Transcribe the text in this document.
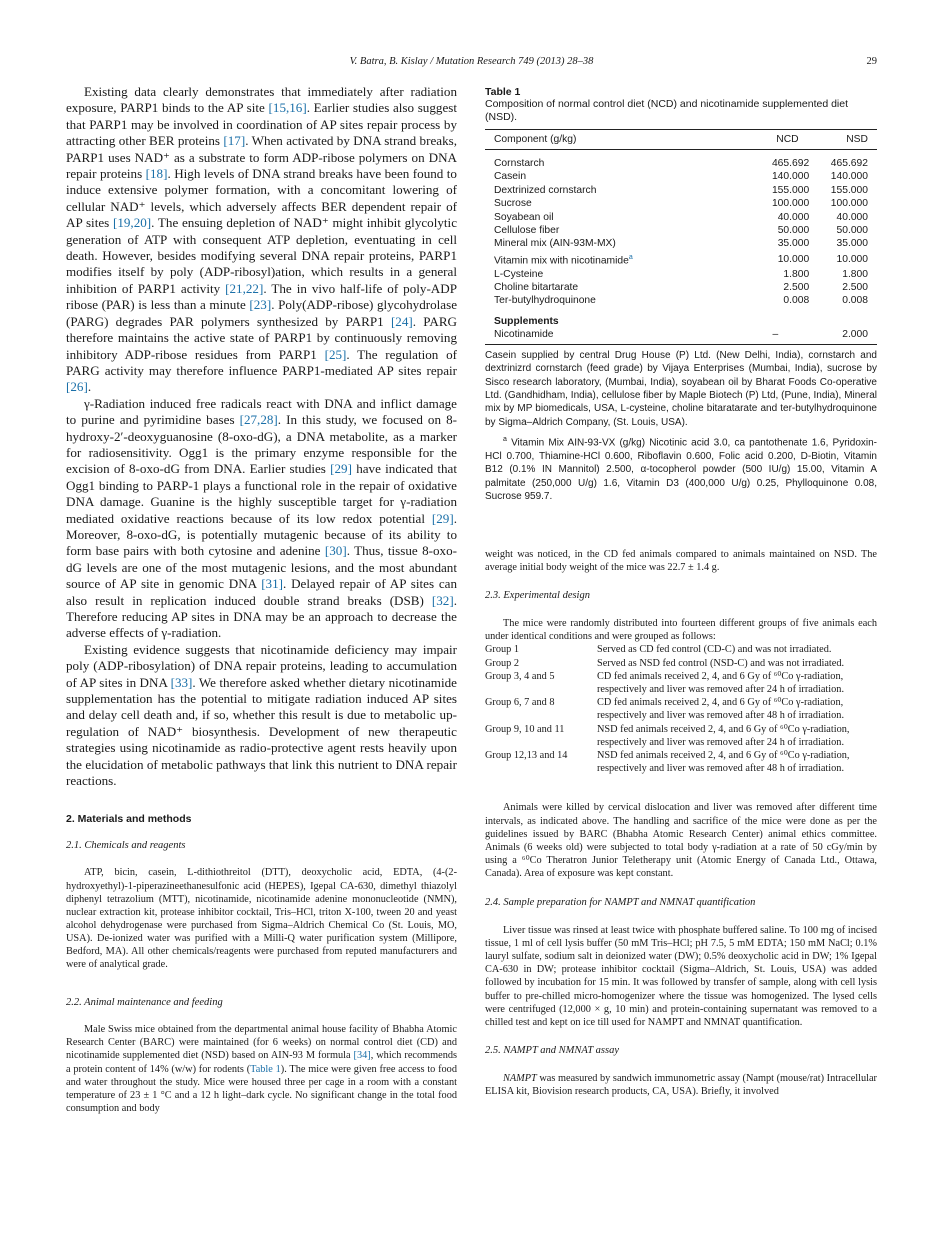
V. Batra, B. Kislay / Mutation Research 749 (2013) 28–38	29

Existing data clearly demonstrates that immediately after radiation exposure, PARP1 binds to the AP site [15,16]. Earlier studies also suggest that PARP1 may be involved in coordination of AP sites repair process by attracting other BER proteins [17]. When activated by DNA strand breaks, PARP1 uses NAD⁺ as a substrate to form ADP-ribose polymers on DNA repair proteins [18]. High levels of DNA strand breaks have been found to induce extensive polymer formation, with a concomitant lowering of cellular NAD⁺ levels, which adversely affects BER dependent repair of AP sites [19,20]. The ensuing depletion of NAD⁺ might inhibit glycolytic generation of ATP with consequent ATP depletion, eventuating in cell death. However, besides modifying several DNA repair proteins, PARP1 modifies itself by poly (ADP-ribosyl)ation, which results in a general inhibition of PARP1 activity [21,22]. The in vivo half-life of poly-ADP ribose (PAR) is less than a minute [23]. Poly(ADP-ribose) glycohydrolase (PARG) degrades PAR polymers synthesized by PARP1 [24]. PARG therefore maintains the active state of PARP1 by continuously removing inhibitory ADP-ribose residues from PARP1 [25]. The regulation of PARG activity may therefore influence PARP1-mediated AP sites repair [26].

γ-Radiation induced free radicals react with DNA and inflict damage to purine and pyrimidine bases [27,28]. In this study, we focused on 8-hydroxy-2′-deoxyguanosine (8-oxo-dG), a DNA metabolite, as a marker for radiosensitivity. Ogg1 is the primary enzyme responsible for the excision of 8-oxo-dG from DNA. Earlier studies [29] have indicated that Ogg1 binding to PARP-1 plays a functional role in the repair of oxidative DNA damage. Guanine is the highly susceptible target for γ-radiation mediated oxidative reactions because of its low redox potential [29]. Moreover, 8-oxo-dG, is potentially mutagenic because of its ability to form base pairs with both cytosine and adenine [30]. Thus, tissue 8-oxo-dG levels are one of the most mutagenic lesions, and the most abundant source of AP site in genomic DNA [31]. Delayed repair of AP sites can also result in replication induced double strand breaks (DSB) [32]. Therefore reducing AP sites in DNA may be an approach to decrease the adverse effects of γ-radiation.

Existing evidence suggests that nicotinamide deficiency may impair poly (ADP-ribosylation) of DNA repair proteins, leading to accumulation of AP sites in DNA [33]. We therefore asked whether dietary nicotinamide supplementation has the potential to mitigate radiation induced AP sites and delay cell death and, if so, whether this result is due to metabolic up-regulation of NAD⁺ biosynthesis. Development of new therapeutic strategies using nicotinamide as radio-protective agent rests heavily upon the elucidation of metabolic pathways that link this nutrient to DNA repair reactions.

2. Materials and methods

2.1. Chemicals and reagents

ATP, bicin, casein, L-dithiothreitol (DTT), deoxycholic acid, EDTA, (4-(2-hydroxyethyl)-1-piperazineethanesulfonic acid (HEPES), Igepal CA-630, dimethyl thiazolyl diphenyl tetrazolium (MTT), nicotinamide, nicotinamide adenine mononucleotide (NMN), nuclear extraction kit, protease inhibitor cocktail, Tris–HCl, triton X-100, tween 20 and yeast alcohol dehydrogenase were purchased from Sigma–Aldrich Chemical Co (St. Louis, MO, USA). De-ionized water was purified with a Milli-Q water purification system (Millipore, Bedford, MA). All other chemicals/reagents were purchased from reputed manufacturers and were of analytical grade.

2.2. Animal maintenance and feeding

Male Swiss mice obtained from the departmental animal house facility of Bhabha Atomic Research Center (BARC) were maintained (for 6 weeks) on normal control diet (CD) and nicotinamide supplemented diet (NSD) based on AIN-93 M formula [34], which recommends a protein content of 14% (w/w) for rodents (Table 1). The mice were given free access to food and water throughout the study. Mice were housed three per cage in a room with a constant temperature of 23 ± 1 °C and a 12 h light–dark cycle. No significant change in the total food consumption and body

Table 1

Composition of normal control diet (NCD) and nicotinamide supplemented diet (NSD).

Component (g/kg)	NCD	NSD
Cornstarch	465.692	465.692
Casein	140.000	140.000
Dextrinized cornstarch	155.000	155.000
Sucrose	100.000	100.000
Soyabean oil	40.000	40.000
Cellulose fiber	50.000	50.000
Mineral mix (AIN-93M-MX)	35.000	35.000
Vitamin mix with nicotinamide$^a$	10.000	10.000
L-Cysteine	1.800	1.800
Choline bitartarate	2.500	2.500
Ter-butylhydroquinone	0.008	0.008
Supplements		
Nicotinamide	–	2.000

Casein supplied by central Drug House (P) Ltd. (New Delhi, India), cornstarch and dextrinizrd cornstarch (feed grade) by Vijaya Enterprises (Mumbai, India), sucrose by Sisco research laboratory, (Mumbai, India), soyabean oil by Bharat Foods Co-operative Ltd. (Gandhidham, India), cellulose fiber by Maple Biotech (P) Ltd, (Pune, India), Mineral mix by MP biomedicals, USA, L-cysteine, choline bitaratarate and ter-butylhydroquinone by Sigma–Aldrich Company, (St. Louis, USA).

$^a$ Vitamin Mix AIN-93-VX (g/kg) Nicotinic acid 3.0, ca pantothenate 1.6, Pyridoxin-HCl 0.700, Thiamine-HCl 0.600, Riboflavin 0.600, Folic acid 0.200, D-Biotin, Vitamin B12 (0.1% IN Mannitol) 2.500, α-tocopherol powder (500 IU/g) 15.00, Vitamin A palmitate (250,000 U/g) 1.6, Vitamin D3 (400,000 U/g) 0.25, Phylloquinone 0.08, Sucrose 959.7.

weight was noticed, in the CD fed animals compared to animals maintained on NSD. The average initial body weight of the mice was 22.7 ± 1.4 g.

2.3. Experimental design

The mice were randomly distributed into fourteen different groups of five animals each under identical conditions and were grouped as follows:

Group 1	Served as CD fed control (CD-C) and was not irradiated.
Group 2	Served as NSD fed control (NSD-C) and was not irradiated.
Group 3, 4 and 5	CD fed animals received 2, 4, and 6 Gy of ⁶⁰Co γ-radiation, respectively and liver was removed after 24 h of irradiation.
Group 6, 7 and 8	CD fed animals received 2, 4, and 6 Gy of ⁶⁰Co γ-radiation, respectively and liver was removed after 48 h of irradiation.
Group 9, 10 and 11	NSD fed animals received 2, 4, and 6 Gy of ⁶⁰Co γ-radiation, respectively and liver was removed after 24 h of irradiation.
Group 12,13 and 14	NSD fed animals received 2, 4, and 6 Gy of ⁶⁰Co γ-radiation, respectively and liver was removed after 48 h of irradiation.

Animals were killed by cervical dislocation and liver was removed after different time intervals, as indicated above. The handling and sacrifice of the mice were done as per the guidelines issued by BARC (Bhabha Atomic Research Center) animal ethics committee. Animals (6 weeks old) were subjected to total body γ-radiation at a rate of 50 cGy/min by using a ⁶⁰Co Theratron Junior Teletherapy unit (Atomic Energy of Canada Ltd., Ottawa, Canada). Area of exposure was kept constant.

2.4. Sample preparation for NAMPT and NMNAT quantification

Liver tissue was rinsed at least twice with phosphate buffered saline. To 100 mg of incised tissue, 1 ml of cell lysis buffer (50 mM Tris–HCl; pH 7.5, 5 mM EDTA; 150 mM NaCl; 0.1% lauryl sulfate, sodium salt in deionized water (DW); 0.5% deoxycholic acid in DW; 1% Igepal CA-630 in DW; protease inhibitor cocktail (Sigma–Aldrich, St. Louis, USA) was added followed by incubation for 15 min. It was followed by transfer of sample, along with cell lysis buffer to pre-chilled micro-homogenizer where the tissue was homogenized. The lysed cells were centrifuged (12,000 × g, 10 min) and protein-containing supernatant was removed to a chilled test and kept on ice till used for NAMPT and NMNAT quantification.

2.5. NAMPT and NMNAT assay

NAMPT was measured by sandwich immunometric assay (Nampt (mouse/rat) Intracellular ELISA kit, Biovision research products, CA, USA). Briefly, it involved
